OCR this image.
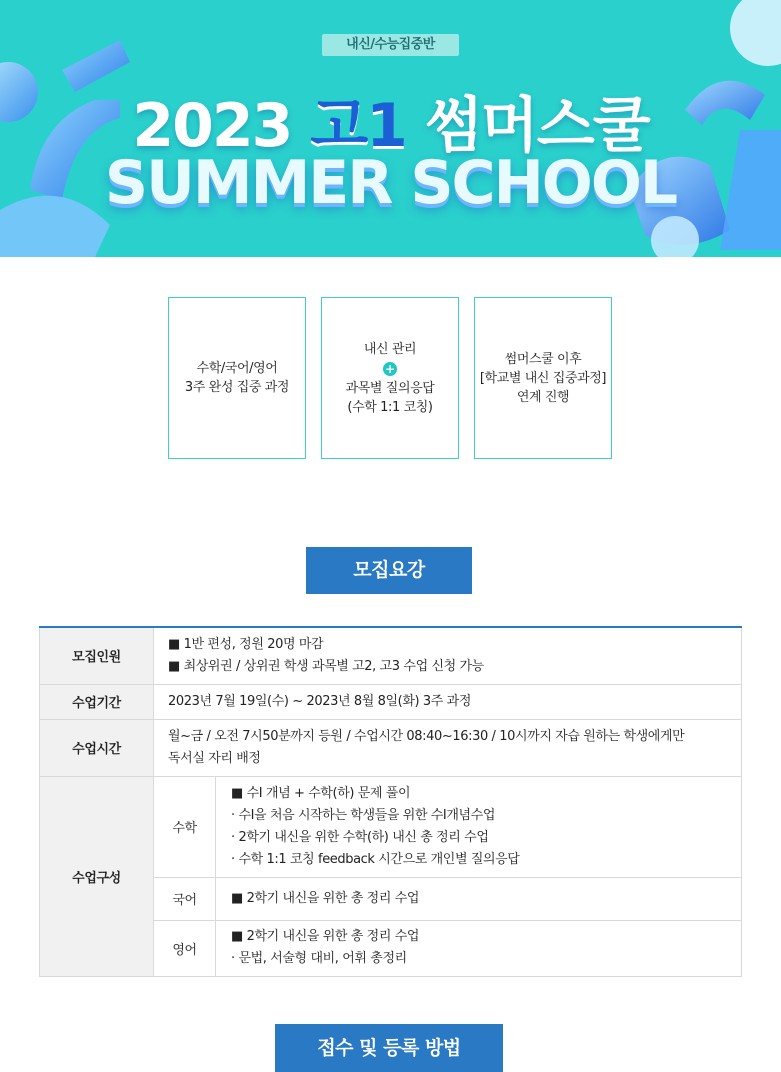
내신/수능집중반
2023 고1 썸머스쿨
SUMMER SCHOOL
수학/국어/영어
3주 완성 집중 과정
내신 관리
+
과목별 질의응답
(수학 1:1 코칭)
썸머스쿨 이후
[학교별 내신 집중과정]
연계 진행
모집요강
모집인원	■ 1반 편성, 정원 20명 마감
■ 최상위권 / 상위권 학생 과목별 고2, 고3 수업 신청 가능	

수업기간	2023년 7월 19일(수) ~ 2023년 8월 8일(화) 3주 과정	

수업시간	월~금 / 오전 7시50분까지 등원 / 수업시간 08:40~16:30 / 10시까지 자습 원하는 학생에게만
독서실 자리 배정	

수업구성	수학	■ 수Ⅰ 개념 + 수학(하) 문제 풀이
· 수Ⅰ을 처음 시작하는 학생들을 위한 수Ⅰ개념수업
· 2학기 내신을 위한 수학(하) 내신 총 정리 수업
· 수학 1:1 코칭 feedback 시간으로 개인별 질의응답

	국어	■ 2학기 내신을 위한 총 정리 수업

	영어	■ 2학기 내신을 위한 총 정리 수업
· 문법, 서술형 대비, 어휘 총정리
접수 및 등록 방법
